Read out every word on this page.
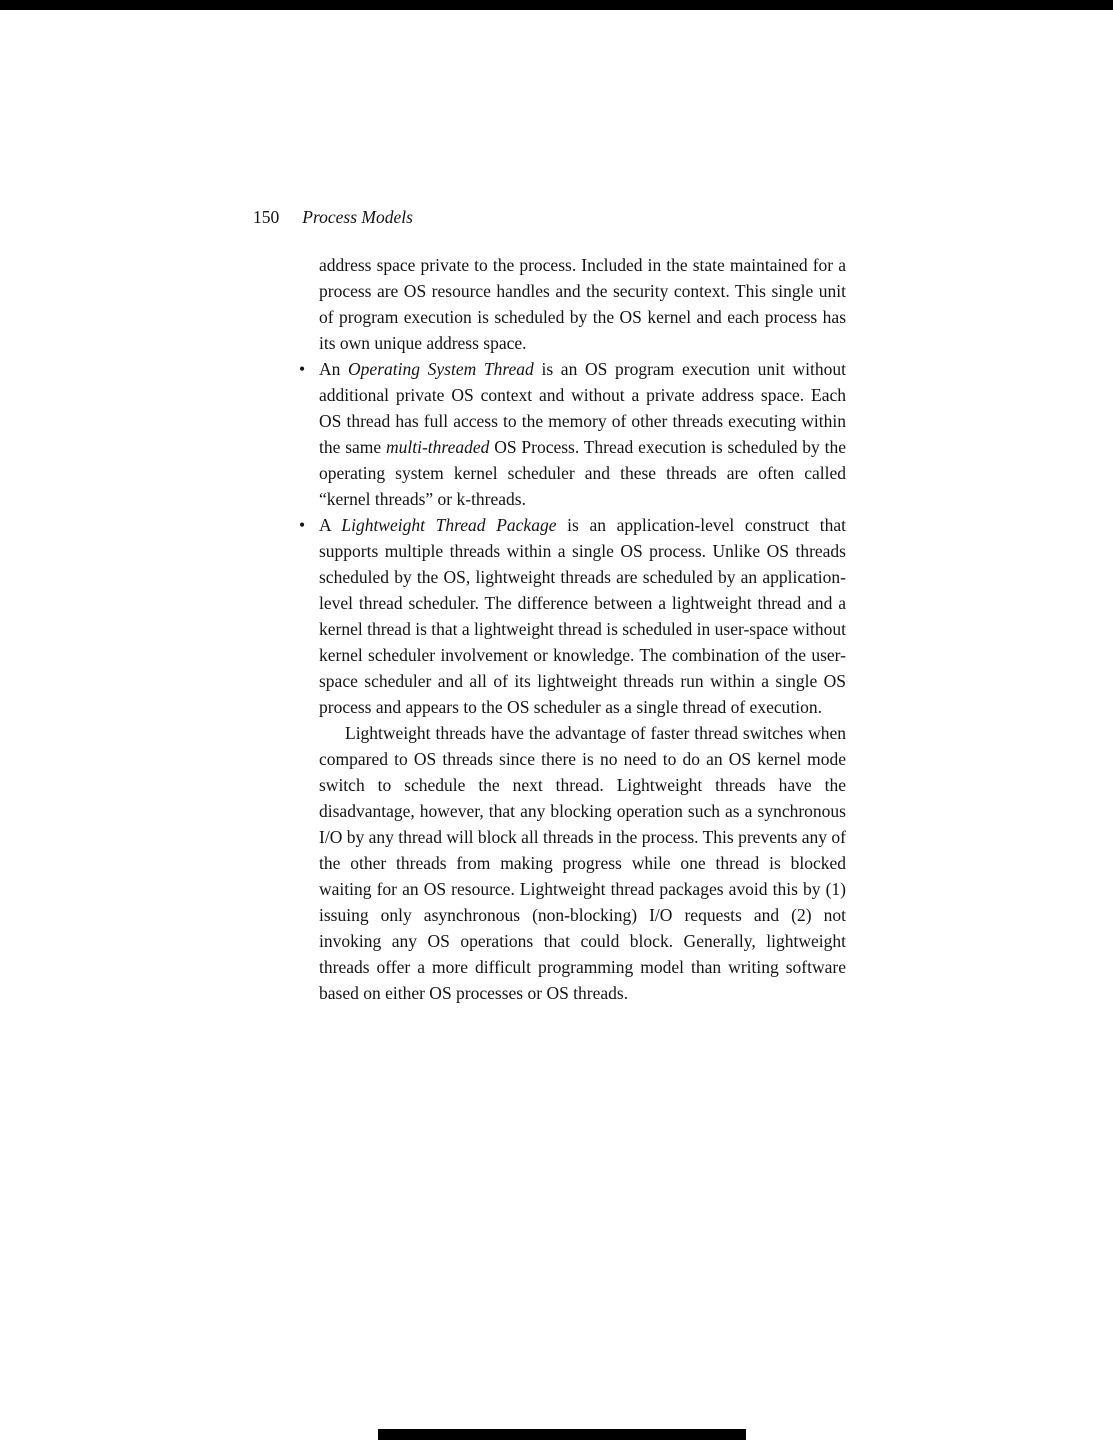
150 Process Models

address space private to the process. Included in the state maintained for a process are OS resource handles and the security context. This single unit of program execution is scheduled by the OS kernel and each process has its own unique address space.

• An Operating System Thread is an OS program execution unit without additional private OS context and without a private address space. Each OS thread has full access to the memory of other threads executing within the same multi-threaded OS Process. Thread execution is scheduled by the operating system kernel scheduler and these threads are often called “kernel threads” or k-threads.

• A Lightweight Thread Package is an application-level construct that supports multiple threads within a single OS process. Unlike OS threads scheduled by the OS, lightweight threads are scheduled by an application-level thread scheduler. The difference between a lightweight thread and a kernel thread is that a lightweight thread is scheduled in user-space without kernel scheduler involvement or knowledge. The combination of the user-space scheduler and all of its lightweight threads run within a single OS process and appears to the OS scheduler as a single thread of execution.

Lightweight threads have the advantage of faster thread switches when compared to OS threads since there is no need to do an OS kernel mode switch to schedule the next thread. Lightweight threads have the disadvantage, however, that any blocking operation such as a synchronous I/O by any thread will block all threads in the process. This prevents any of the other threads from making progress while one thread is blocked waiting for an OS resource. Lightweight thread packages avoid this by (1) issuing only asynchronous (non-blocking) I/O requests and (2) not invoking any OS operations that could block. Generally, lightweight threads offer a more difficult programming model than writing software based on either OS processes or OS threads.
